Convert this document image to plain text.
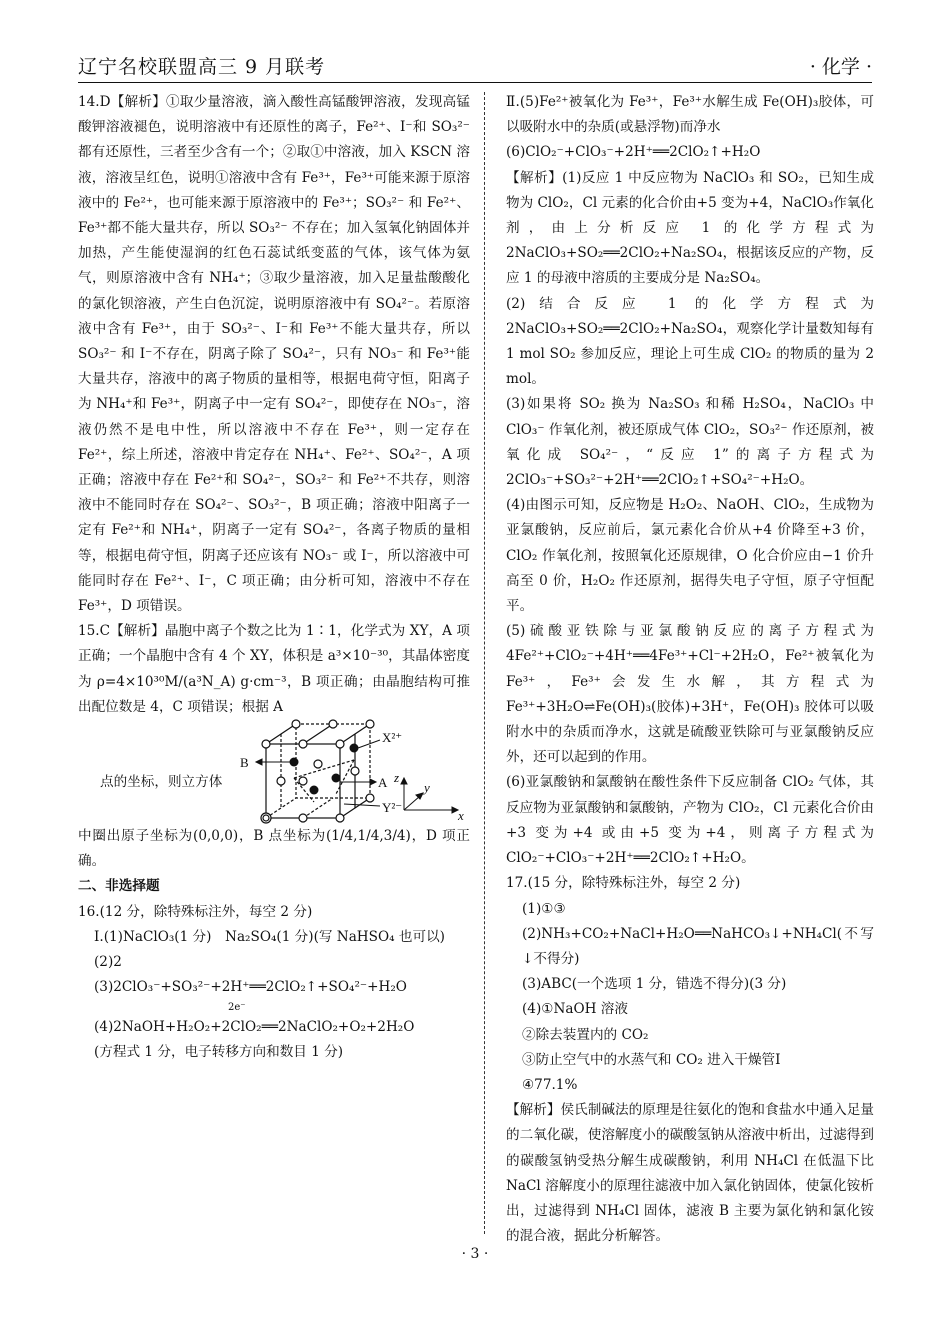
辽宁名校联盟高三 9 月联考	· 化学 ·

14.D【解析】①取少量溶液，滴入酸性高锰酸钾溶液，发现高锰酸钾溶液褪色，说明溶液中有还原性的离子，Fe²⁺、I⁻和 SO₃²⁻ 都有还原性，三者至少含有一个；②取①中溶液，加入 KSCN 溶液，溶液呈红色，说明①溶液中含有 Fe³⁺，Fe³⁺可能来源于原溶液中的 Fe²⁺，也可能来源于原溶液中的 Fe³⁺；SO₃²⁻ 和 Fe²⁺、Fe³⁺都不能大量共存，所以 SO₃²⁻ 不存在；加入氢氧化钠固体并加热，产生能使湿润的红色石蕊试纸变蓝的气体，该气体为氨气，则原溶液中含有 NH₄⁺；③取少量溶液，加入足量盐酸酸化的氯化钡溶液，产生白色沉淀，说明原溶液中有 SO₄²⁻。若原溶液中含有 Fe³⁺，由于 SO₃²⁻、I⁻和 Fe³⁺不能大量共存，所以 SO₃²⁻ 和 I⁻不存在，阴离子除了 SO₄²⁻，只有 NO₃⁻ 和 Fe³⁺能大量共存，溶液中的离子物质的量相等，根据电荷守恒，阳离子为 NH₄⁺和 Fe³⁺，阴离子中一定有 SO₄²⁻，即使存在 NO₃⁻，溶液仍然不是电中性，所以溶液中不存在 Fe³⁺，则一定存在 Fe²⁺，综上所述，溶液中肯定存在 NH₄⁺、Fe²⁺、SO₄²⁻，A 项正确；溶液中存在 Fe²⁺和 SO₄²⁻，SO₃²⁻ 和 Fe²⁺不共存，则溶液中不能同时存在 SO₄²⁻、SO₃²⁻，B 项正确；溶液中阳离子一定有 Fe²⁺和 NH₄⁺，阴离子一定有 SO₄²⁻，各离子物质的量相等，根据电荷守恒，阴离子还应该有 NO₃⁻ 或 I⁻，所以溶液中可能同时存在 Fe²⁺、I⁻，C 项正确；由分析可知，溶液中不存在 Fe³⁺，D 项错误。

15.C【解析】晶胞中离子个数之比为 1∶1，化学式为 XY，A 项正确；一个晶胞中含有 4 个 XY，体积是 a³×10⁻³⁰，其晶体密度为 ρ=4×10³⁰M/(a³N_A) g·cm⁻³，B 项正确；由晶胞结构可推出配位数是 4，C 项错误；根据 A

点的坐标，则立方体
B
A
X²⁺
Y²⁻
z
y
x

中圈出原子坐标为(0,0,0)，B 点坐标为(1/4,1/4,3/4)，D 项正确。

二、非选择题

16.(12 分，除特殊标注外，每空 2 分)

Ⅰ.(1)NaClO₃(1 分)　Na₂SO₄(1 分)(写 NaHSO₄ 也可以)

(2)2

(3)2ClO₃⁻+SO₃²⁻+2H⁺══2ClO₂↑+SO₄²⁻+H₂O

2e⁻

(4)2NaOH+H₂O₂+2ClO₂══2NaClO₂+O₂+2H₂O

(方程式 1 分，电子转移方向和数目 1 分)

Ⅱ.(5)Fe²⁺被氧化为 Fe³⁺，Fe³⁺水解生成 Fe(OH)₃胶体，可以吸附水中的杂质(或悬浮物)而净水

(6)ClO₂⁻+ClO₃⁻+2H⁺══2ClO₂↑+H₂O

【解析】(1)反应 1 中反应物为 NaClO₃ 和 SO₂，已知生成物为 ClO₂，Cl 元素的化合价由+5 变为+4，NaClO₃作氧化剂，由上分析反应 1 的化学方程式为 2NaClO₃+SO₂══2ClO₂+Na₂SO₄，根据该反应的产物，反应 1 的母液中溶质的主要成分是 Na₂SO₄。

(2)结合反应 1 的化学方程式为 2NaClO₃+SO₂══2ClO₂+Na₂SO₄，观察化学计量数知每有 1 mol SO₂ 参加反应，理论上可生成 ClO₂ 的物质的量为 2 mol。

(3)如果将 SO₂ 换为 Na₂SO₃ 和稀 H₂SO₄，NaClO₃ 中 ClO₃⁻ 作氧化剂，被还原成气体 ClO₂，SO₃²⁻ 作还原剂，被氧化成 SO₄²⁻，“反应 1”的离子方程式为 2ClO₃⁻+SO₃²⁻+2H⁺══2ClO₂↑+SO₄²⁻+H₂O。

(4)由图示可知，反应物是 H₂O₂、NaOH、ClO₂，生成物为亚氯酸钠，反应前后，氯元素化合价从+4 价降至+3 价，ClO₂ 作氧化剂，按照氧化还原规律，O 化合价应由−1 价升高至 0 价，H₂O₂ 作还原剂，据得失电子守恒，原子守恒配平。

(5)硫酸亚铁除与亚氯酸钠反应的离子方程式为 4Fe²⁺+ClO₂⁻+4H⁺══4Fe³⁺+Cl⁻+2H₂O，Fe²⁺被氧化为 Fe³⁺，Fe³⁺会发生水解，其方程式为 Fe³⁺+3H₂O⇌Fe(OH)₃(胶体)+3H⁺，Fe(OH)₃ 胶体可以吸附水中的杂质而净水，这就是硫酸亚铁除可与亚氯酸钠反应外，还可以起到的作用。

(6)亚氯酸钠和氯酸钠在酸性条件下反应制备 ClO₂ 气体，其反应物为亚氯酸钠和氯酸钠，产物为 ClO₂，Cl 元素化合价由+3 变为+4 或由+5 变为+4，则离子方程式为 ClO₂⁻+ClO₃⁻+2H⁺══2ClO₂↑+H₂O。

17.(15 分，除特殊标注外，每空 2 分)

(1)①③

(2)NH₃+CO₂+NaCl+H₂O══NaHCO₃↓+NH₄Cl(不写↓不得分)

(3)ABC(一个选项 1 分，错选不得分)(3 分)

(4)①NaOH 溶液

②除去装置内的 CO₂

③防止空气中的水蒸气和 CO₂ 进入干燥管Ⅰ

④77.1%

【解析】侯氏制碱法的原理是往氨化的饱和食盐水中通入足量的二氧化碳，使溶解度小的碳酸氢钠从溶液中析出，过滤得到的碳酸氢钠受热分解生成碳酸钠，利用 NH₄Cl 在低温下比 NaCl 溶解度小的原理往滤液中加入氯化钠固体，使氯化铵析出，过滤得到 NH₄Cl 固体，滤液 B 主要为氯化钠和氯化铵的混合液，据此分析解答。

· 3 ·
